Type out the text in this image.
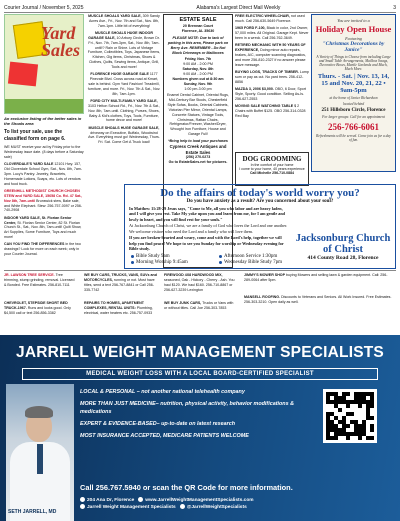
Courier Journal / November 5, 2025	Alabama's Largest Direct Mail Weekly	3
Yard
Sales

An exclusive listing of the better sales in the Shoals area

To list your sale, use the classified form on page 6.

WE MUST receive your ad by Friday prior to the Wednesday issue date. (8 days before a Saturday sale)

CLOVERDALE'S YARD SALE 12101 Hwy. 157, Old Cloverdale School Gym, Sat., Nov. 8th, 7am-3pm. Lucy's Pantry. Jewelry, Bracelets, Homemade Lotions, Soaps, etc. Lots of vendors and food truck.

GREENHILL METHODIST CHURCH CHOSEN STEW and YARD SALE, 15658 Co. Rd. 47 Sat., Nov 8th, 7am-until Brunswick stew, Bake sale, and White Elephant. Stew: 256-757-0097 or 256-740-2908

INDOOR YARD SALE, St. Florian Senior Center, St. Florian Senior Center, 82 St. Florian Church St., Sat., Nov. 8th, 7am-until! Quilt Show, Art Supplies, Some Furniture, Toys and much more!

CAN YOU FIND THE DIFFERENCES in the two drawings? Look for more on each week; only in your Courier Journal.

MUSCLE SHOALS YARD SALE, 309 Sandy Acres Ave., Fri., Nov. 7th and Sat., Nov. 8th, 7am-1pm. Little bit of everything!

MUSCLE SHOALS HUGE INDOOR GARAGE SALE, 10 Arbury Circle, Brown Dr. Fri., Nov. 7th, 7am-3pm, Sat., Nov. 8th, 7am-until!? Rain or Shine. Lots of Vintage Furniture, Collectibles, Toys, Japanese Items, Kitchen, Gig items, Christmas, Shoes & Clothes, Quilts, Sewing items, Antique, Grill, Tools and more!

FLORENCE HUGE GARAGE SALE 1177 Pinevale Blvd. Cross across road at Kmart, sale is behind. Gym Yard Fashion! Treadmill, furniture, and more. Fri., Nov. 7th & Sat., Nov. 8th, 7am-1pm.

FORD CITY MULTI-FAMILY YARD SALE, 3103 Helton School Rd., Fri., Nov. 7th & Sat., Nov. 8th, 7am-until. Clothing, Purses, Shoes, Baby & Kid's clothes, Toys, Tools, Furniture, home decor and more!

MUSCLE SHOALS HUGE GARAGE SALE, driveway on Executive, Buffalo, Woodwind Ave. Everything must go! Wednesday, Thurs. Fri. Sat. Come Get A Truck load!

ESTATE SALE
20 Brennan Court
Florence, AL 35630

PLEASE NOTE: Due to lack of parking in this area, Please park on Berry Ave. REMEMBER - Do Not Block Driveways or Mailboxes

Friday, Nov. 7th
9:00 AM - 2:00 PM
Saturday, Nov. 8th
9:00 AM - 2:00 PM
Numbers given out at 8:30 am
Sunday, Nov. 9th
1:00 pm-3:00 pm

Enamel Dental Cabinet, Oriental Rugs, Mid-Century Bar Stools, Chesterfield Style Sofas, Books, Oriental Cabinets, Victorian Pier Mirror, Oriental Lamps, Concrete Statues, Vintage Tools, Christmas, Rattan Chairs, Refrigerator/Freezer, Washer/Dryer, Wrought Iron Furniture, House and Garage Full!

*Bring help to load your purchases

Cypress Creek Antiques and Estate Sales
(256) 270-0273
Go to EstateSales.net for pictures.

FREE ELECTRIC WHEELCHAIR, not used much. Call 256-630-5649 Florence.

1965 FORD F-100, Black in color, 2nd Owner, 57,000 miles. All Original. Garage Kept. Never been in a wreck. Call 256-762-3649.

RETIRED MECHANIC WITH 50 YEARS OF EXPERIENCE, Doing minor auto repairs, brakes, A/C, computer scanning diagnostics, and more 256-810-2327 if no answer please leave message.

BUYING LOGS, TRACKS OF TIMBER. Lump sum or pay as cut. No yard trees. 256-412-8856

MAZDA 3, 2006 $3,000. OBO, 6 Door, Sport Style, Sporty. Good condition. Selling As-Is. 256-627-2553

MOVING SALE WATCHING TABLE $ 2 Chairs with Buffet $125. OBO 256-314-0328 Red Bay

DOG GROOMING
In the comfort of your home
I come to your home, 40 years experience
Call Michelle 256-710-0884
You are invited to a
Holiday Open House
Featuring
"Christmas Decorations by Janice"
A Variety of Things to Choose from including Large and Small Table Arrangements, Mailbox Swags, Decorative Boxes, Mantle Garlands and Much, Much More.
Thurs. - Sat. | Nov. 13, 14, 15 and Nov. 20, 21, 22 • 9am-5pm
at the home of Janice Richardson
located behind
251 Hillsboro Circle, Florence
For larger groups: Call for an appointment
256-766-6061
Refreshments will be served. Come join us for a day of fun.
Do the affairs of today's world worry you?
Do you have anxiety as a result? Are you concerned about your soul?

In Matthew 11:28-29 Jesus says, "Come to Me, all you who labor and are heavy laden, and I will give you rest. Take My yoke upon you and learn from me, for I am gentle and lowly in heart, and you will find rest for your souls."

At Jacksonburg Church of Christ, we are a family of God who loves the Lord and one another. We welcome visitors who need the Lord and a family who will love them.

If you are broken-hearted and weary, come and with the Lord's help, together we will help you find peace! We hope to see you Sunday for worship or Wednesday evening for Bible study.

Jacksonburg Church of Christ
414 County Road 28, Florence
Bible Study 9am	Afternoon Service 1:30pm
Morning Worship 9:45am	Wednesday Bible Study 7pm
JR. LAWSON TREE SERVICE. Tree trimming, stump grinding, removal. Licensed & Bonded. Free Estimates. 256-810-7111
CHEVROLET, STEPSIDE SHORT BED TRUCK-1967. Runs and looks good. Only $4,500 call or text 256-856-3382
WE BUY CARS, TRUCKS, VANS, SUVs and MOTORCYCLES, running or not. Most have titles, send a text 256-767-8841 or Call 256-335-7742
REPAIRS TO HOMES, APARTMENT COMPLEXES, RENTAL UNITS: Plumbing, electrical, water heaters etc. 256-757-0933
FIREWOOD 4X8 HARDWOOD MIX, seasoned, Oak - Hickory - Cherry - Ash. You haul $120. We haul $160. 256-710-8867 or 256-627-3239 Lexington
WE BUY JUNK CARS, Trucks or Vans with or without titles. Call Joe 256-303-7853
JIMMY'S MOWER SHOP buying Mowers and selling lawn & garden equipment. Call: 256-289-0064 after 5pm.
MANSELL ROOFING. Discounts to Veterans and Seniors. All Work Insured. Free Estimates. 256-303-3210. Open daily as well.
JARRELL WEIGHT MANAGEMENT SPECIALISTS
MEDICAL WEIGHT LOSS WITH A LOCAL BOARD-CERTIFIED SPECIALIST
SETH JARRELL, MD

LOCAL & PERSONAL – not another national telehealth company

MORE THAN JUST MEDICINE– nutrition, physical activity, behavior modifications & medications

EXPERT & EVIDENCE-BASED– up-to-date on latest research

MOST INSURANCE ACCEPTED, MEDICARE PATIENTS WELCOME

Call 256.767.5940 or scan the QR Code for more information.
204 Ana Dr, Florence www.JarrellWeightManagementSpecialists.com
Jarrell Weight Management Specialists @JarrellWeightSpecialists
